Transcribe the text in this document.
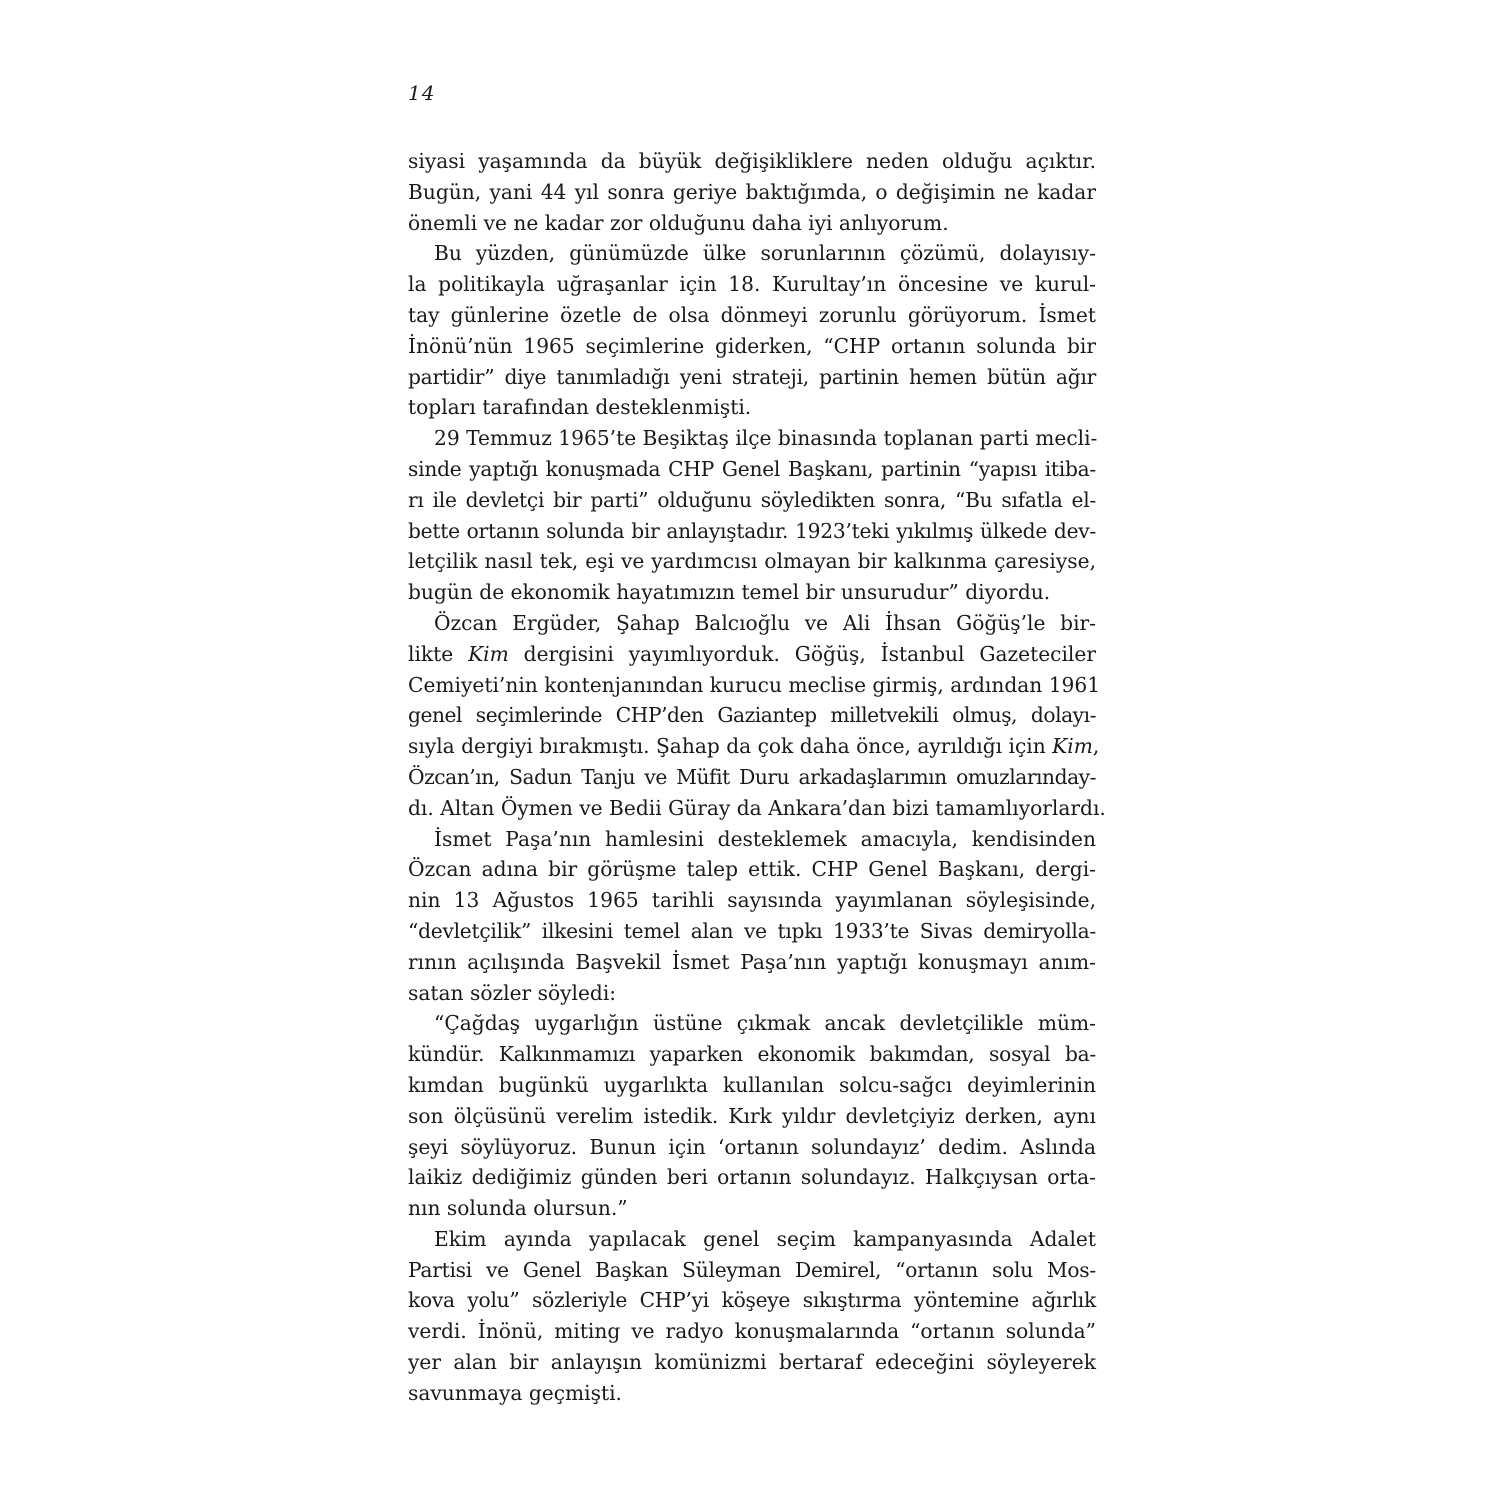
14
siyasi yaşamında da büyük değişikliklere neden olduğu açıktır.
Bugün, yani 44 yıl sonra geriye baktığımda, o değişimin ne kadar
önemli ve ne kadar zor olduğunu daha iyi anlıyorum.
Bu yüzden, günümüzde ülke sorunlarının çözümü, dolayısıy-
la politikayla uğraşanlar için 18. Kurultay’ın öncesine ve kurul-
tay günlerine özetle de olsa dönmeyi zorunlu görüyorum. İsmet
İnönü’nün 1965 seçimlerine giderken, “CHP ortanın solunda bir
partidir” diye tanımladığı yeni strateji, partinin hemen bütün ağır
topları tarafından desteklenmişti.
29 Temmuz 1965’te Beşiktaş ilçe binasında toplanan parti mecli-
sinde yaptığı konuşmada CHP Genel Başkanı, partinin “yapısı itiba-
rı ile devletçi bir parti” olduğunu söyledikten sonra, “Bu sıfatla el-
bette ortanın solunda bir anlayıştadır. 1923’teki yıkılmış ülkede dev-
letçilik nasıl tek, eşi ve yardımcısı olmayan bir kalkınma çaresiyse,
bugün de ekonomik hayatımızın temel bir unsurudur” diyordu.
Özcan Ergüder, Şahap Balcıoğlu ve Ali İhsan Göğüş’le bir-
likte Kim dergisini yayımlıyorduk. Göğüş, İstanbul Gazeteciler
Cemiyeti’nin kontenjanından kurucu meclise girmiş, ardından 1961
genel seçimlerinde CHP’den Gaziantep milletvekili olmuş, dolayı-
sıyla dergiyi bırakmıştı. Şahap da çok daha önce, ayrıldığı için Kim,
Özcan’ın, Sadun Tanju ve Müfit Duru arkadaşlarımın omuzlarınday-
dı. Altan Öymen ve Bedii Güray da Ankara’dan bizi tamamlıyorlardı.
İsmet Paşa’nın hamlesini desteklemek amacıyla, kendisinden
Özcan adına bir görüşme talep ettik. CHP Genel Başkanı, dergi-
nin 13 Ağustos 1965 tarihli sayısında yayımlanan söyleşisinde,
“devletçilik” ilkesini temel alan ve tıpkı 1933’te Sivas demiryolla-
rının açılışında Başvekil İsmet Paşa’nın yaptığı konuşmayı anım-
satan sözler söyledi:
“Çağdaş uygarlığın üstüne çıkmak ancak devletçilikle müm-
kündür. Kalkınmamızı yaparken ekonomik bakımdan, sosyal ba-
kımdan bugünkü uygarlıkta kullanılan solcu-sağcı deyimlerinin
son ölçüsünü verelim istedik. Kırk yıldır devletçiyiz derken, aynı
şeyi söylüyoruz. Bunun için ‘ortanın solundayız’ dedim. Aslında
laikiz dediğimiz günden beri ortanın solundayız. Halkçıysan orta-
nın solunda olursun.”
Ekim ayında yapılacak genel seçim kampanyasında Adalet
Partisi ve Genel Başkan Süleyman Demirel, “ortanın solu Mos-
kova yolu” sözleriyle CHP’yi köşeye sıkıştırma yöntemine ağırlık
verdi. İnönü, miting ve radyo konuşmalarında “ortanın solunda”
yer alan bir anlayışın komünizmi bertaraf edeceğini söyleyerek
savunmaya geçmişti.
